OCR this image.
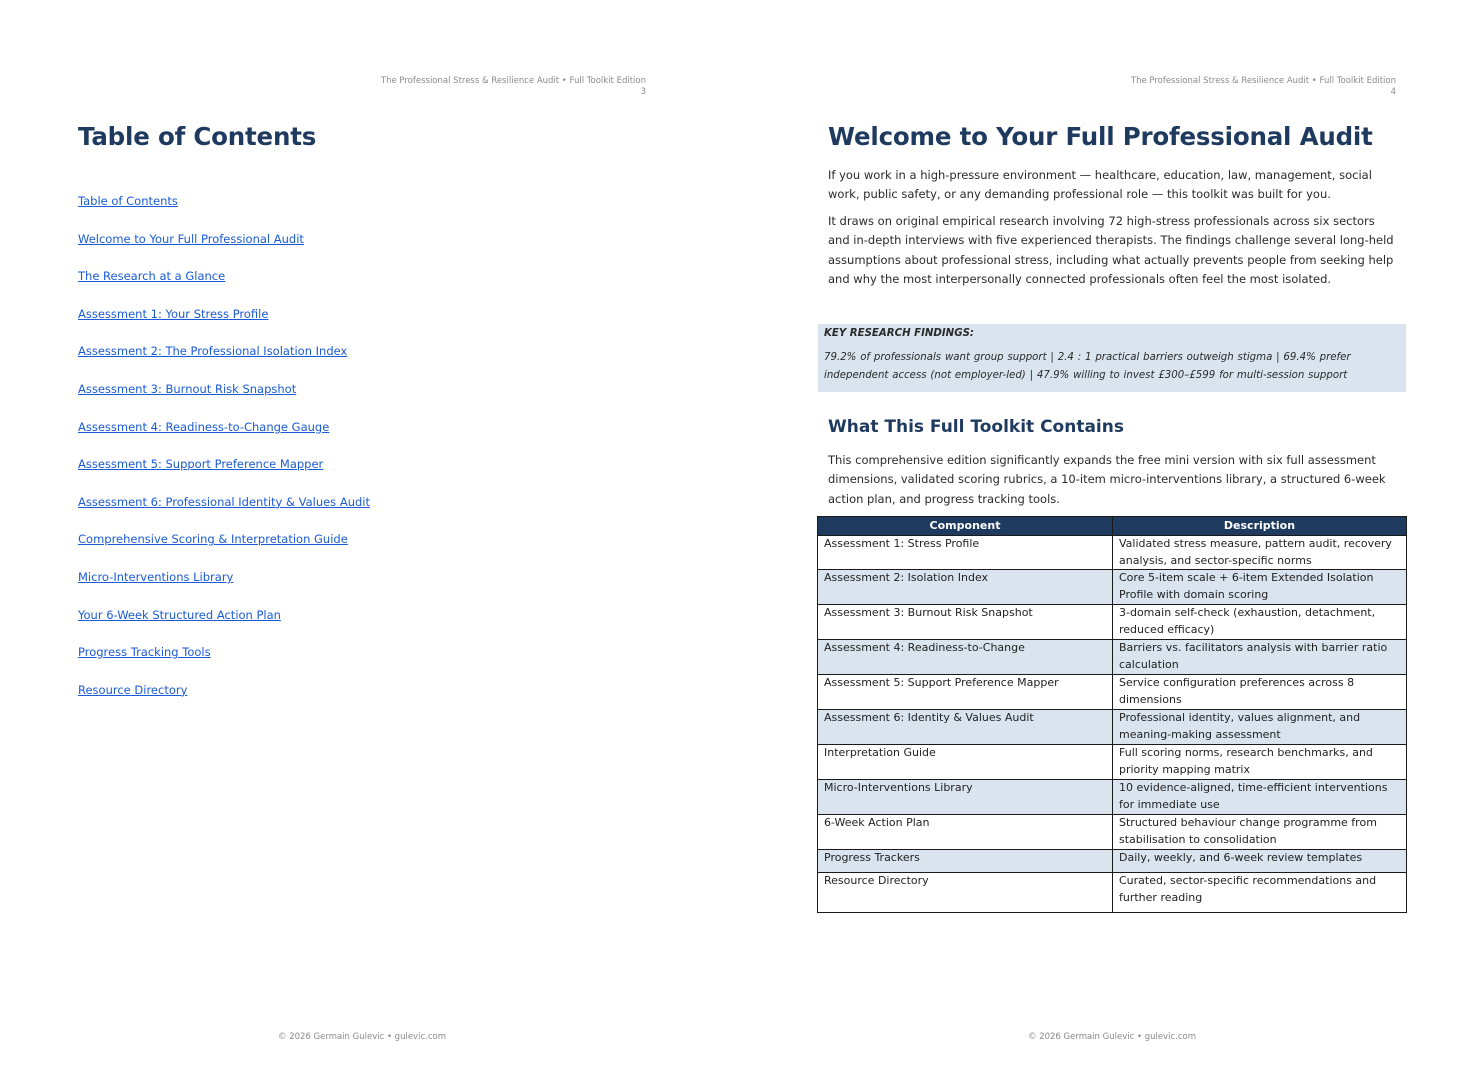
The Professional Stress & Resilience Audit • Full Toolkit Edition
3
Table of Contents
Table of Contents
Welcome to Your Full Professional Audit
The Research at a Glance
Assessment 1: Your Stress Profile
Assessment 2: The Professional Isolation Index
Assessment 3: Burnout Risk Snapshot
Assessment 4: Readiness-to-Change Gauge
Assessment 5: Support Preference Mapper
Assessment 6: Professional Identity & Values Audit
Comprehensive Scoring & Interpretation Guide
Micro-Interventions Library
Your 6-Week Structured Action Plan
Progress Tracking Tools
Resource Directory
© 2026 Germain Gulevic • gulevic.com
The Professional Stress & Resilience Audit • Full Toolkit Edition
4
Welcome to Your Full Professional Audit

If you work in a high-pressure environment — healthcare, education, law, management, social work, public safety, or any demanding professional role — this toolkit was built for you.

It draws on original empirical research involving 72 high-stress professionals across six sectors and in-depth interviews with five experienced therapists. The findings challenge several long-held assumptions about professional stress, including what actually prevents people from seeking help and why the most interpersonally connected professionals often feel the most isolated.

KEY RESEARCH FINDINGS:
79.2% of professionals want group support | 2.4 : 1 practical barriers outweigh stigma | 69.4% prefer independent access (not employer-led) | 47.9% willing to invest £300–£599 for multi-session support
What This Full Toolkit Contains

This comprehensive edition significantly expands the free mini version with six full assessment dimensions, validated scoring rubrics, a 10-item micro-interventions library, a structured 6-week action plan, and progress tracking tools.

Component	Description
Assessment 1: Stress Profile	Validated stress measure, pattern audit, recovery analysis, and sector-specific norms
Assessment 2: Isolation Index	Core 5-item scale + 6-item Extended Isolation Profile with domain scoring
Assessment 3: Burnout Risk Snapshot	3-domain self-check (exhaustion, detachment, reduced efficacy)
Assessment 4: Readiness-to-Change	Barriers vs. facilitators analysis with barrier ratio calculation
Assessment 5: Support Preference Mapper	Service configuration preferences across 8 dimensions
Assessment 6: Identity & Values Audit	Professional identity, values alignment, and meaning-making assessment
Interpretation Guide	Full scoring norms, research benchmarks, and priority mapping matrix
Micro-Interventions Library	10 evidence-aligned, time-efficient interventions for immediate use
6-Week Action Plan	Structured behaviour change programme from stabilisation to consolidation
Progress Trackers	Daily, weekly, and 6-week review templates
Resource Directory	Curated, sector-specific recommendations and further reading
© 2026 Germain Gulevic • gulevic.com
